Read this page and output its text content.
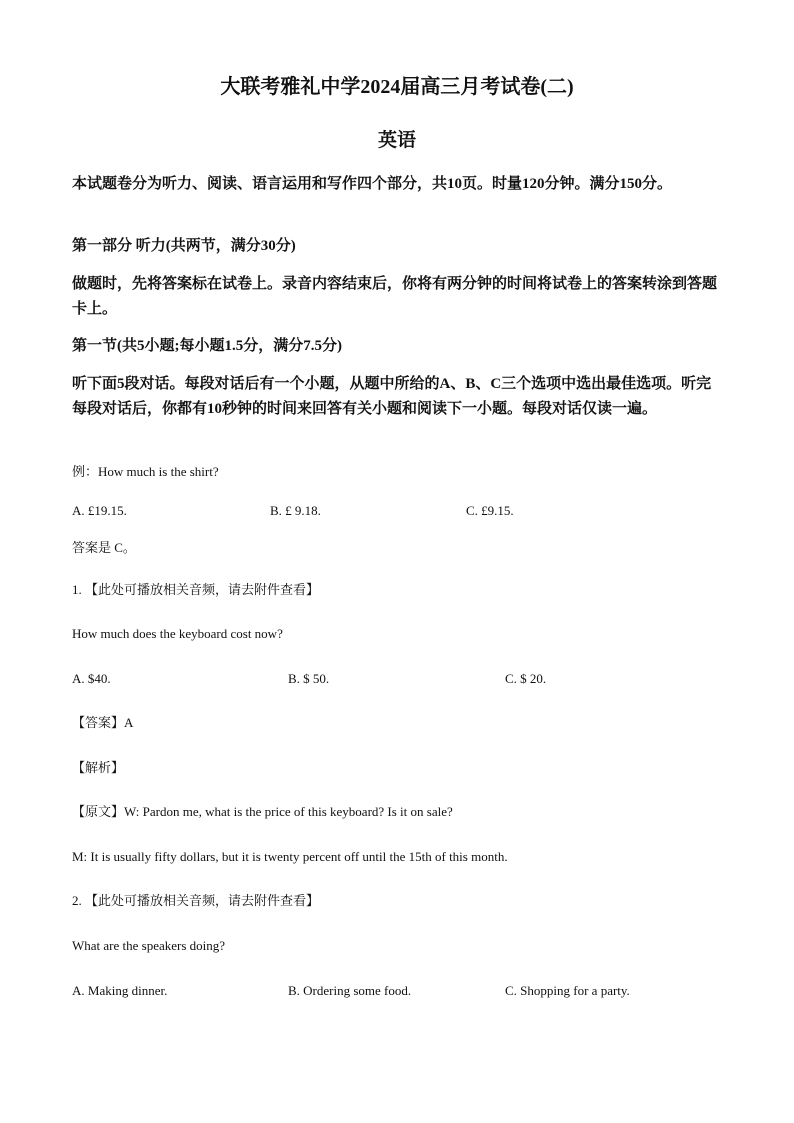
大联考雅礼中学2024届高三月考试卷(二)
英语
本试题卷分为听力、阅读、语言运用和写作四个部分，共10页。时量120分钟。满分150分。
第一部分 听力(共两节，满分30分)
做题时，先将答案标在试卷上。录音内容结束后，你将有两分钟的时间将试卷上的答案转涂到答题卡上。
第一节(共5小题;每小题1.5分，满分7.5分)
听下面5段对话。每段对话后有一个小题，从题中所给的A、B、C三个选项中选出最佳选项。听完每段对话后，你都有10秒钟的时间来回答有关小题和阅读下一小题。每段对话仅读一遍。
例：How much is the shirt?
A. £19.15.	B. £ 9.18.	C. £9.15.
答案是 C。
1. 【此处可播放相关音频，请去附件查看】
How much does the keyboard cost now?
A. $40.	B. $ 50.	C. $ 20.
【答案】A
【解析】
【原文】W: Pardon me, what is the price of this keyboard? Is it on sale?
M: It is usually fifty dollars, but it is twenty percent off until the 15th of this month.
2. 【此处可播放相关音频，请去附件查看】
What are the speakers doing?
A. Making dinner.	B. Ordering some food.	C. Shopping for a party.
